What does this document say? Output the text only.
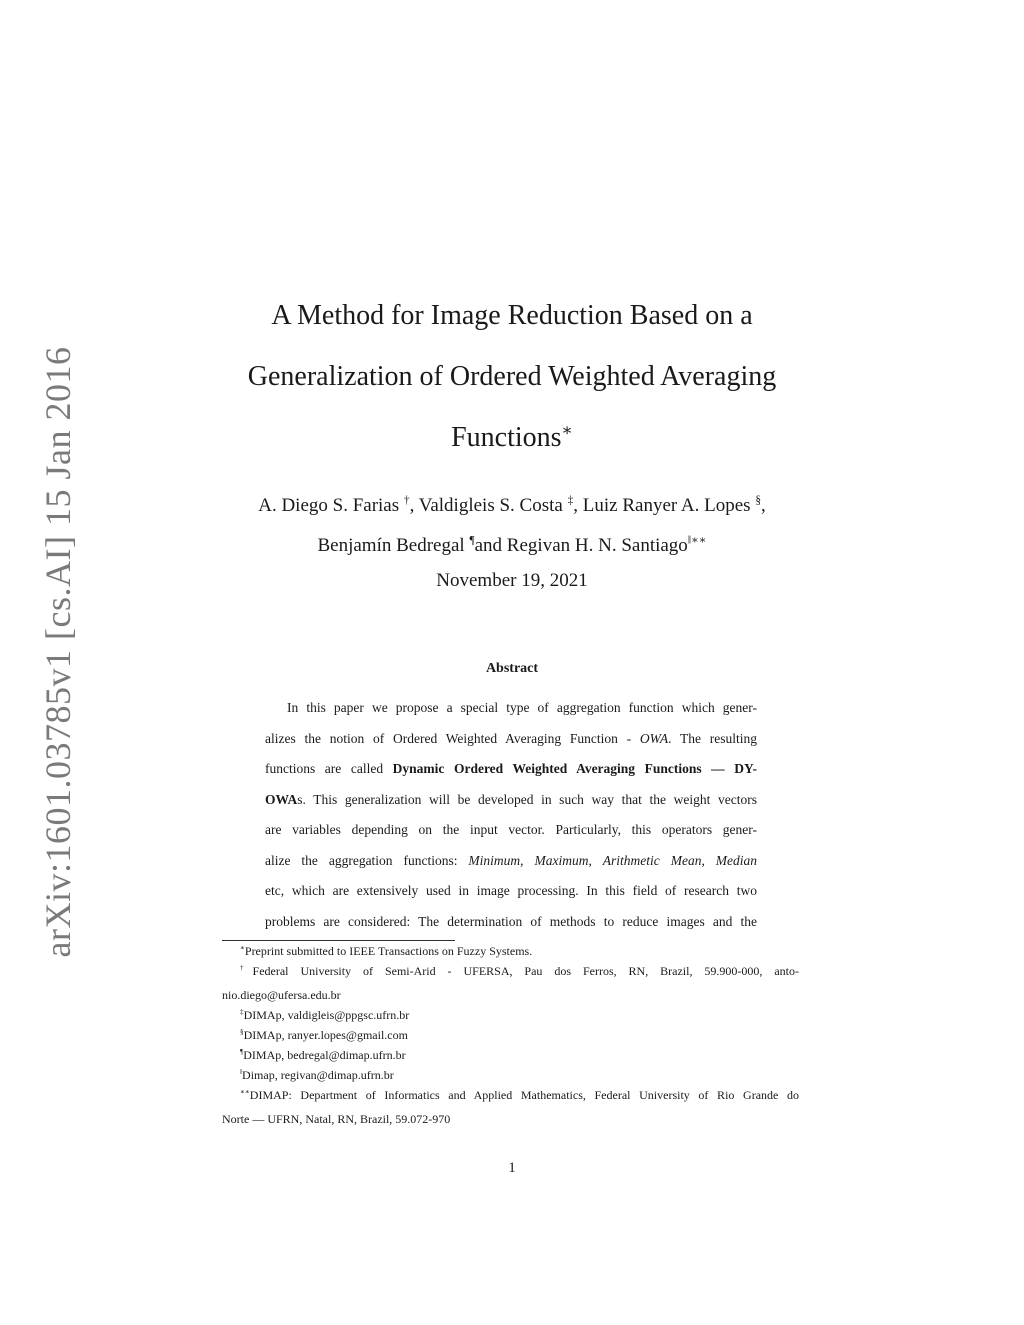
arXiv:1601.03785v1 [cs.AI] 15 Jan 2016
A Method for Image Reduction Based on a
Generalization of Ordered Weighted Averaging
Functions∗
A. Diego S. Farias †, Valdigleis S. Costa ‡, Luiz Ranyer A. Lopes §,
Benjamín Bedregal ¶and Regivan H. N. Santiago‖∗∗
November 19, 2021
Abstract
In this paper we propose a special type of aggregation function which gener-
alizes the notion of Ordered Weighted Averaging Function - OWA. The resulting
functions are called Dynamic Ordered Weighted Averaging Functions — DY-
OWAs. This generalization will be developed in such way that the weight vectors
are variables depending on the input vector. Particularly, this operators gener-
alize the aggregation functions: Minimum, Maximum, Arithmetic Mean, Median
etc, which are extensively used in image processing. In this field of research two
problems are considered: The determination of methods to reduce images and the
∗Preprint submitted to IEEE Transactions on Fuzzy Systems.
†Federal University of Semi-Arid - UFERSA, Pau dos Ferros, RN, Brazil, 59.900-000, anto-
nio.diego@ufersa.edu.br
‡DIMAp, valdigleis@ppgsc.ufrn.br
§DIMAp, ranyer.lopes@gmail.com
¶DIMAp, bedregal@dimap.ufrn.br
‖Dimap, regivan@dimap.ufrn.br
∗∗DIMAP: Department of Informatics and Applied Mathematics, Federal University of Rio Grande do
Norte — UFRN, Natal, RN, Brazil, 59.072-970
1
